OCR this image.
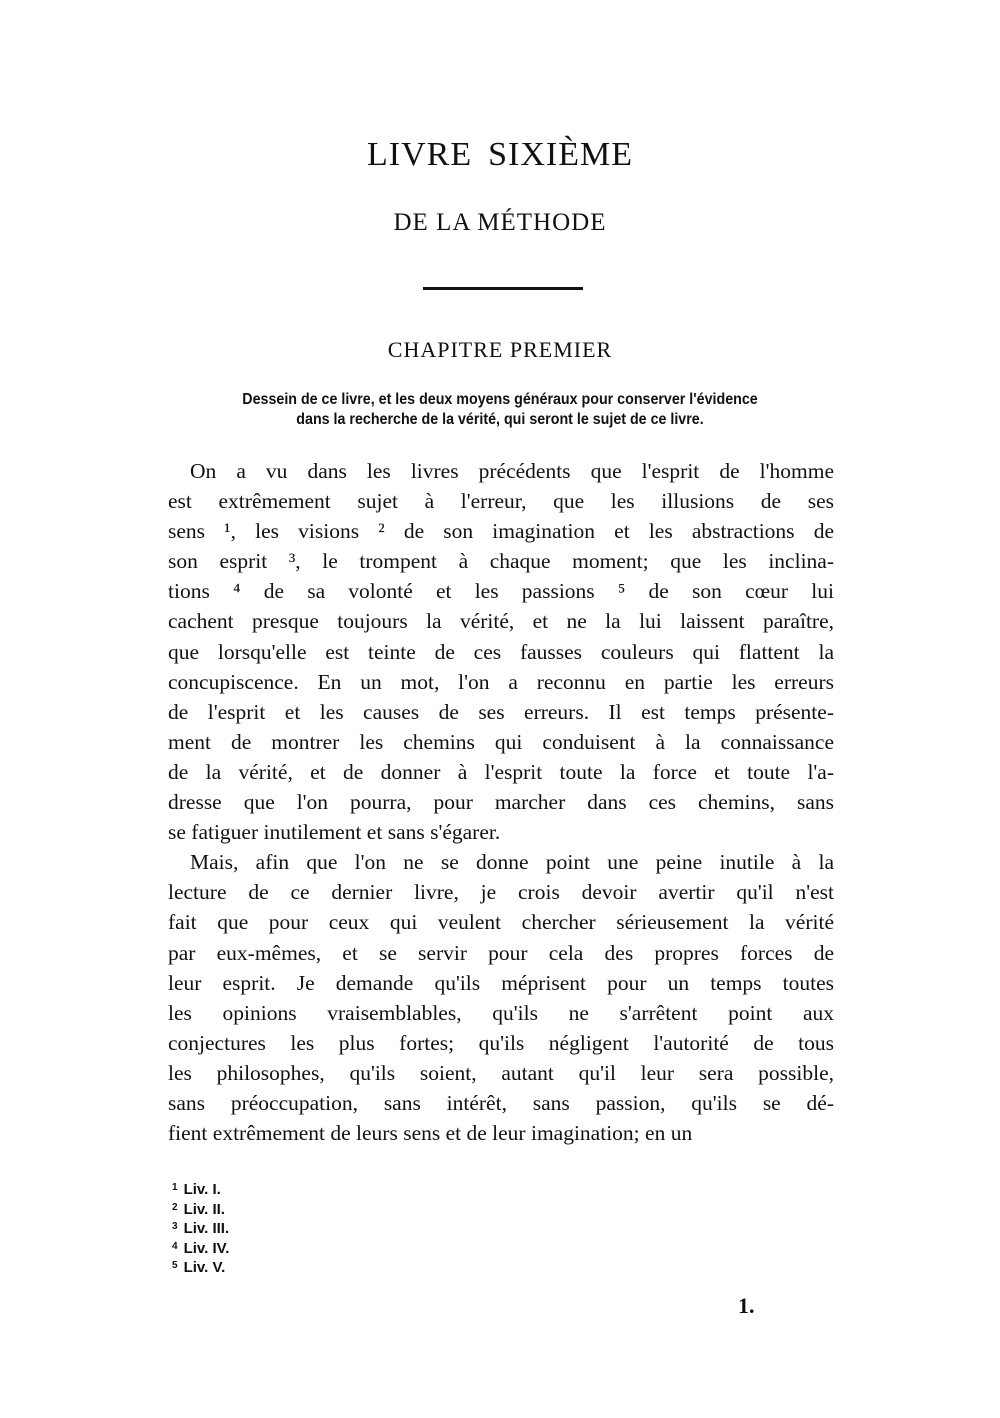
LIVRE SIXIÈME
DE LA MÉTHODE
CHAPITRE PREMIER
Dessein de ce livre, et les deux moyens généraux pour conserver l'évidence
dans la recherche de la vérité, qui seront le sujet de ce livre.
On a vu dans les livres précédents que l'esprit de l'homme
est extrêmement sujet à l'erreur, que les illusions de ses
sens ¹, les visions ² de son imagination et les abstractions de
son esprit ³, le trompent à chaque moment; que les inclina-
tions ⁴ de sa volonté et les passions ⁵ de son cœur lui
cachent presque toujours la vérité, et ne la lui laissent paraître,
que lorsqu'elle est teinte de ces fausses couleurs qui flattent la
concupiscence. En un mot, l'on a reconnu en partie les erreurs
de l'esprit et les causes de ses erreurs. Il est temps présente-
ment de montrer les chemins qui conduisent à la connaissance
de la vérité, et de donner à l'esprit toute la force et toute l'a-
dresse que l'on pourra, pour marcher dans ces chemins, sans
se fatiguer inutilement et sans s'égarer.
Mais, afin que l'on ne se donne point une peine inutile à la
lecture de ce dernier livre, je crois devoir avertir qu'il n'est
fait que pour ceux qui veulent chercher sérieusement la vérité
par eux-mêmes, et se servir pour cela des propres forces de
leur esprit. Je demande qu'ils méprisent pour un temps toutes
les opinions vraisemblables, qu'ils ne s'arrêtent point aux
conjectures les plus fortes; qu'ils négligent l'autorité de tous
les philosophes, qu'ils soient, autant qu'il leur sera possible,
sans préoccupation, sans intérêt, sans passion, qu'ils se dé-
fient extrêmement de leurs sens et de leur imagination; en un
$^1$ Liv. I.
$^2$ Liv. II.
$^3$ Liv. III.
$^4$ Liv. IV.
$^5$ Liv. V.
1.
